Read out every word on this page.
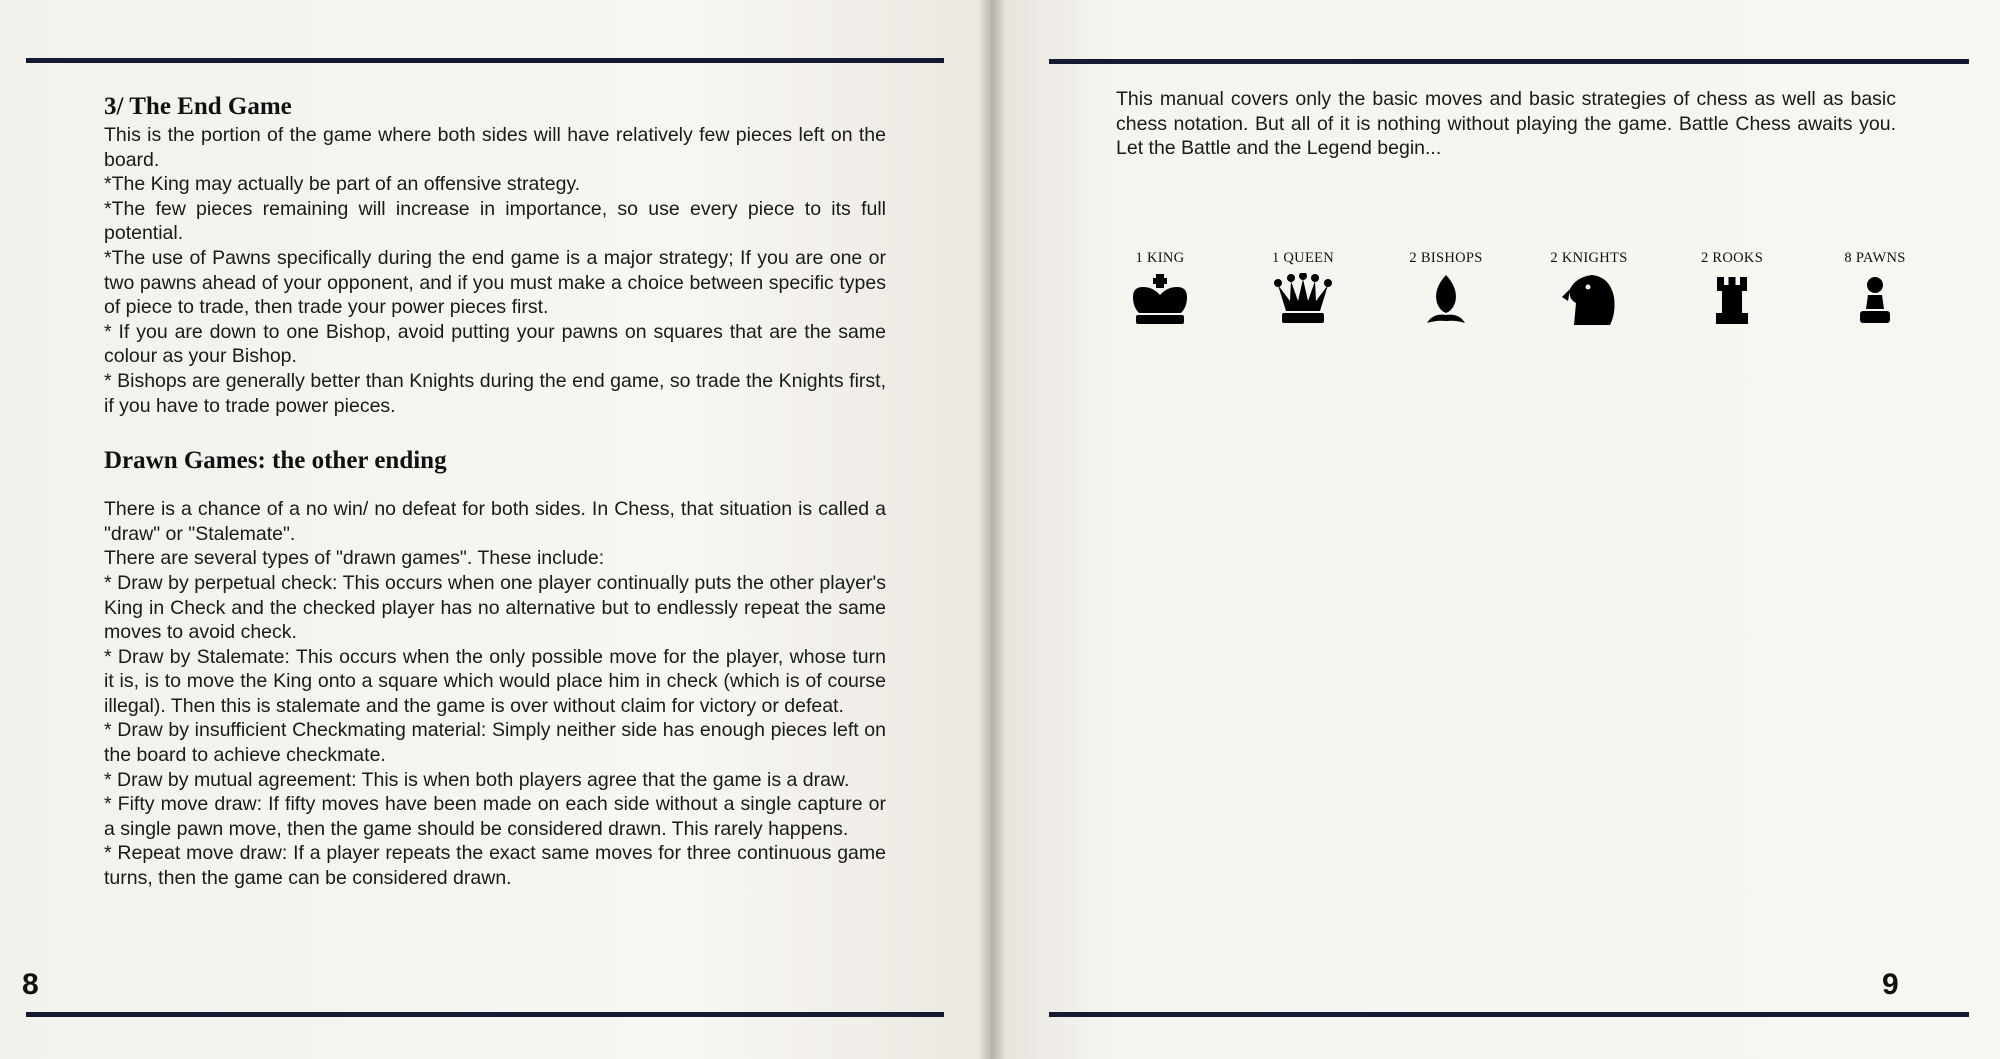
3/ The End Game

This is the portion of the game where both sides will have relatively few pieces left on the board.

*The King may actually be part of an offensive strategy.

*The few pieces remaining will increase in importance, so use every piece to its full potential.

*The use of Pawns specifically during the end game is a major strategy; If you are one or two pawns ahead of your opponent, and if you must make a choice between specific types of piece to trade, then trade your power pieces first.

* If you are down to one Bishop, avoid putting your pawns on squares that are the same colour as your Bishop.

* Bishops are generally better than Knights during the end game, so trade the Knights first, if you have to trade power pieces.

Drawn Games: the other ending

There is a chance of a no win/ no defeat for both sides. In Chess, that situation is called a "draw" or "Stalemate".

There are several types of "drawn games". These include:

* Draw by perpetual check: This occurs when one player continually puts the other player's King in Check and the checked player has no alternative but to endlessly repeat the same moves to avoid check.

* Draw by Stalemate: This occurs when the only possible move for the player, whose turn it is, is to move the King onto a square which would place him in check (which is of course illegal). Then this is stalemate and the game is over without claim for victory or defeat.

* Draw by insufficient Checkmating material: Simply neither side has enough pieces left on the board to achieve checkmate.

* Draw by mutual agreement: This is when both players agree that the game is a draw.

* Fifty move draw: If fifty moves have been made on each side without a single capture or a single pawn move, then the game should be considered drawn. This rarely happens.

* Repeat move draw: If a player repeats the exact same moves for three continuous game turns, then the game can be considered drawn.

8
This manual covers only the basic moves and basic strategies of chess as well as basic chess notation. But all of it is nothing without playing the game. Battle Chess awaits you. Let the Battle and the Legend begin...
1 KING	1 QUEEN	2 BISHOPS	2 KNIGHTS	2 ROOKS	8 PAWNS
9
